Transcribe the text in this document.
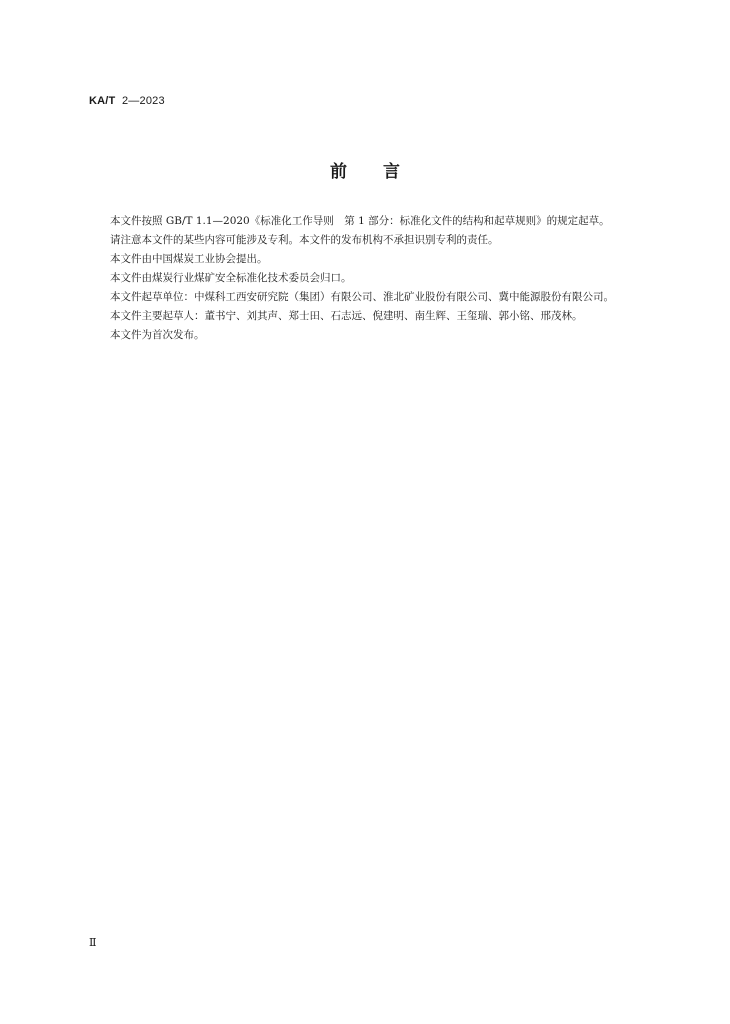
KA/T 2—2023
前 言

本文件按照 GB/T 1.1—2020《标准化工作导则　第 1 部分：标准化文件的结构和起草规则》的规定起草。

请注意本文件的某些内容可能涉及专利。本文件的发布机构不承担识别专利的责任。

本文件由中国煤炭工业协会提出。

本文件由煤炭行业煤矿安全标准化技术委员会归口。

本文件起草单位：中煤科工西安研究院（集团）有限公司、淮北矿业股份有限公司、冀中能源股份有限公司。

本文件主要起草人：董书宁、刘其声、郑士田、石志远、倪建明、南生辉、王玺瑞、郭小铭、邢茂林。

本文件为首次发布。

Ⅱ
